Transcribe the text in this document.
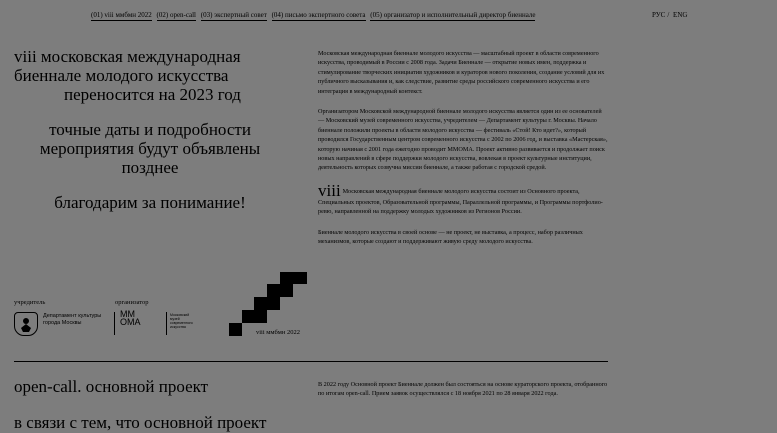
(01) viii ммбмн 2022 (02) open-call (03) экспертный совет (04) письмо экспертного совета (05) организатор и исполнительный директор биеннале	РУС / ENG
viii московская международная
биеннале молодого искусства
переносится на 2023 год
точные даты и подробности
мероприятия будут объявлены
позднее
благодарим за понимание!

Московская международная биеннале молодого искусства — масштабный проект в области современного искусства, проводимый в России с 2008 года. Задачи Биеннале — открытие новых имен, поддержка и стимулирование творческих инициатив художников и кураторов нового поколения, создание условий для их публичного высказывания и, как следствие, развитие среды российского современного искусства и его интеграция в международный контекст.

Организатором Московской международной биеннале молодого искусства является один из ее основателей — Московский музей современного искусства, учредителем — Департамент культуры г. Москвы. Начало биеннале положили проекты в области молодого искусства — фестиваль «Стой! Кто идет?», который проводился Государственным центром современного искусства с 2002 по 2006 год, и выставка «Мастерская», которую начиная с 2001 года ежегодно проводит ММОМА. Проект активно развивается и продолжает поиск новых направлений в сфере поддержки молодого искусства, вовлекая в проект культурные институции, деятельность которых созвучна миссии биеннале, а также работая с городской средой.

viii Московская международная биеннале молодого искусства состоит из Основного проекта, Специальных проектов, Образовательной программы, Параллельной программы, и Программы портфолио-ревю, направленной на поддержку молодых художников из Регионов России.

Биеннале молодого искусства в своей основе — не проект, не выставка, а процесс, набор различных механизмов, которые создают и поддерживают живую среду молодого искусства.

учредитель	организатор
Департамент культуры города Москвы
ММ
ОМА
Московский музей современного искусства
viii ммбмн 2022
open-call. основной проект
в связи с тем, что основной проект
В 2022 году Основной проект Биеннале должен был состояться на основе кураторского проекта, отобранного по итогам open-call. Прием заявок осуществлялся с 18 ноября 2021 по 28 января 2022 года.
